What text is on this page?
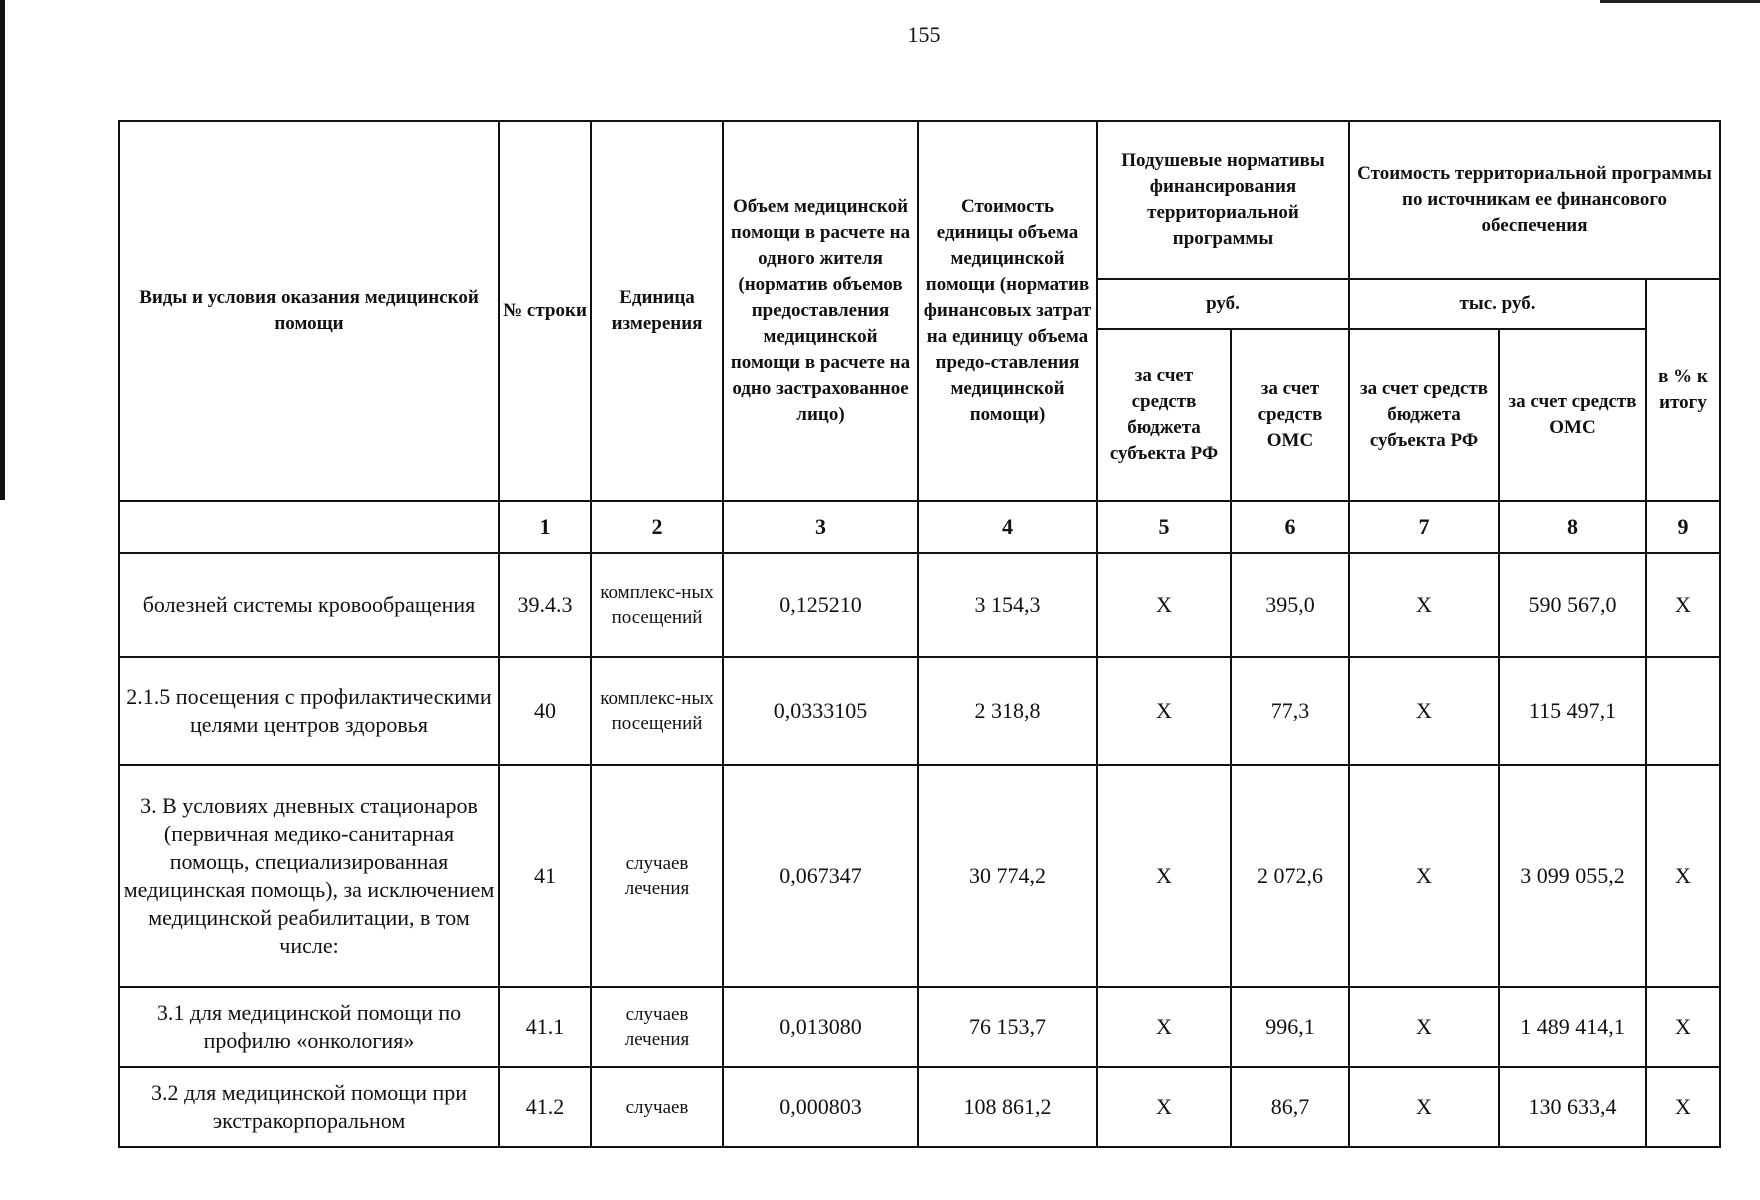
155
Виды и условия оказания медицинской помощи	№ строки	Единица измерения	Объем медицинской помощи в расчете на одного жителя (норматив объемов предоставления медицинской помощи в расчете на одно застрахованное лицо)	Стоимость единицы объема медицинской помощи (норматив финансовых затрат на единицу объема предо-ставления медицинской помощи)	Подушевые нормативы финансирования территориальной программы		Стоимость территориальной программы по источникам ее финансового обеспечения		
					руб.		тыс. руб.		в % к итогу
					за счет средств бюджета субъекта РФ	за счет средств ОМС	за счет средств бюджета субъекта РФ	за счет средств ОМС	
	1	2	3	4	5	6	7	8	9
болезней системы кровообращения	39.4.3	комплекс-ных посещений	0,125210	3 154,3	X	395,0	X	590 567,0	X
2.1.5 посещения с профилактическими целями центров здоровья	40	комплекс-ных посещений	0,0333105	2 318,8	X	77,3	X	115 497,1	
3. В условиях дневных стационаров (первичная медико-санитарная помощь, специализированная медицинская помощь), за исключением медицинской реабилитации, в том числе:	41	случаев лечения	0,067347	30 774,2	X	2 072,6	X	3 099 055,2	X
3.1 для медицинской помощи по профилю «онкология»	41.1	случаев лечения	0,013080	76 153,7	X	996,1	X	1 489 414,1	X
3.2 для медицинской помощи при экстракорпоральном	41.2	случаев	0,000803	108 861,2	X	86,7	X	130 633,4	X
